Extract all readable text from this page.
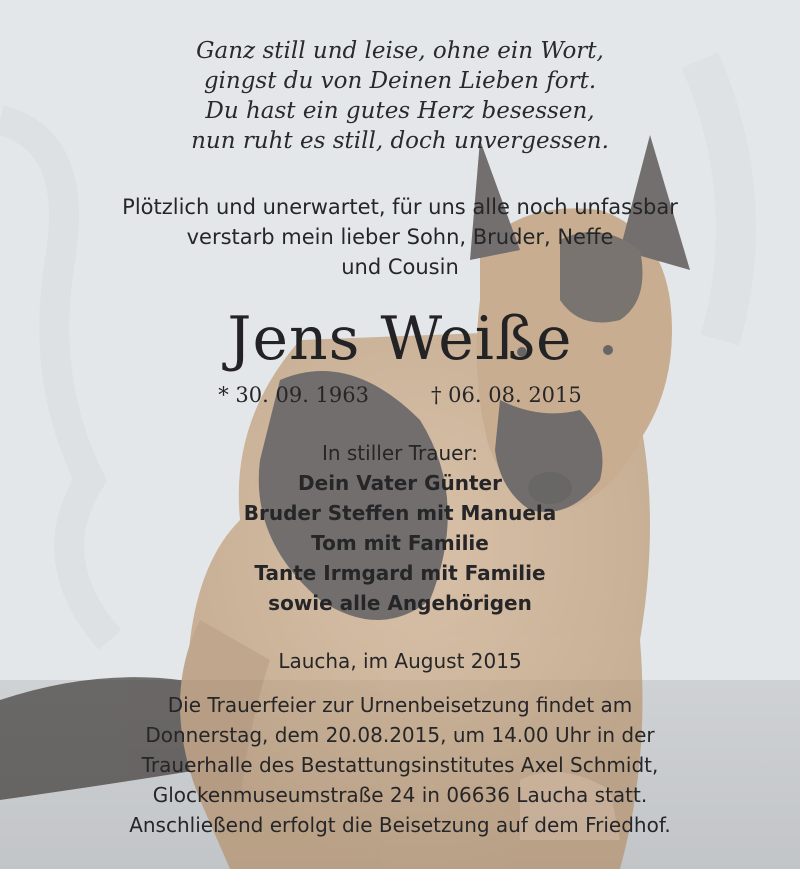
Ganz still und leise, ohne ein Wort,
gingst du von Deinen Lieben fort.
Du hast ein gutes Herz besessen,
nun ruht es still, doch unvergessen.
Plötzlich und unerwartet, für uns alle noch unfassbar
verstarb mein lieber Sohn, Bruder, Neffe
und Cousin
Jens Weiße
* 30. 09. 1963	† 06. 08. 2015
In stiller Trauer:
Dein Vater Günter
Bruder Steffen mit Manuela
Tom mit Familie
Tante Irmgard mit Familie
sowie alle Angehörigen
Laucha, im August 2015
Die Trauerfeier zur Urnenbeisetzung findet am
Donnerstag, dem 20.08.2015, um 14.00 Uhr in der
Trauerhalle des Bestattungsinstitutes Axel Schmidt,
Glockenmuseumstraße 24 in 06636 Laucha statt.
Anschließend erfolgt die Beisetzung auf dem Friedhof.
